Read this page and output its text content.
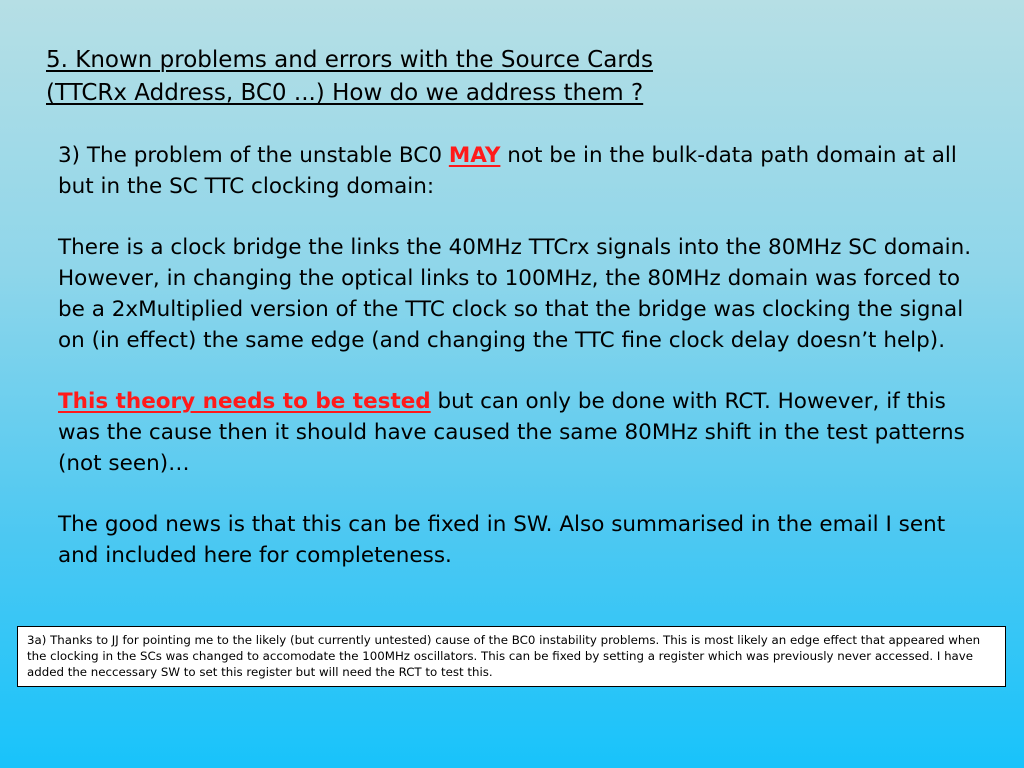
5. Known problems and errors with the Source Cards
(TTCRx Address, BC0 ...) How do we address them ?

3) The problem of the unstable BC0 MAY not be in the bulk-data path domain at all but in the SC TTC clocking domain:

There is a clock bridge the links the 40MHz TTCrx signals into the 80MHz SC domain. However, in changing the optical links to 100MHz, the 80MHz domain was forced to be a 2xMultiplied version of the TTC clock so that the bridge was clocking the signal on (in effect) the same edge (and changing the TTC fine clock delay doesn’t help).

This theory needs to be tested but can only be done with RCT. However, if this was the cause then it should have caused the same 80MHz shift in the test patterns (not seen)…

The good news is that this can be fixed in SW. Also summarised in the email I sent and included here for completeness.

3a) Thanks to JJ for pointing me to the likely (but currently untested) cause of the BC0 instability problems. This is most likely an edge effect that appeared when the clocking in the SCs was changed to accomodate the 100MHz oscillators. This can be fixed by setting a register which was previously never accessed. I have added the neccessary SW to set this register but will need the RCT to test this.
